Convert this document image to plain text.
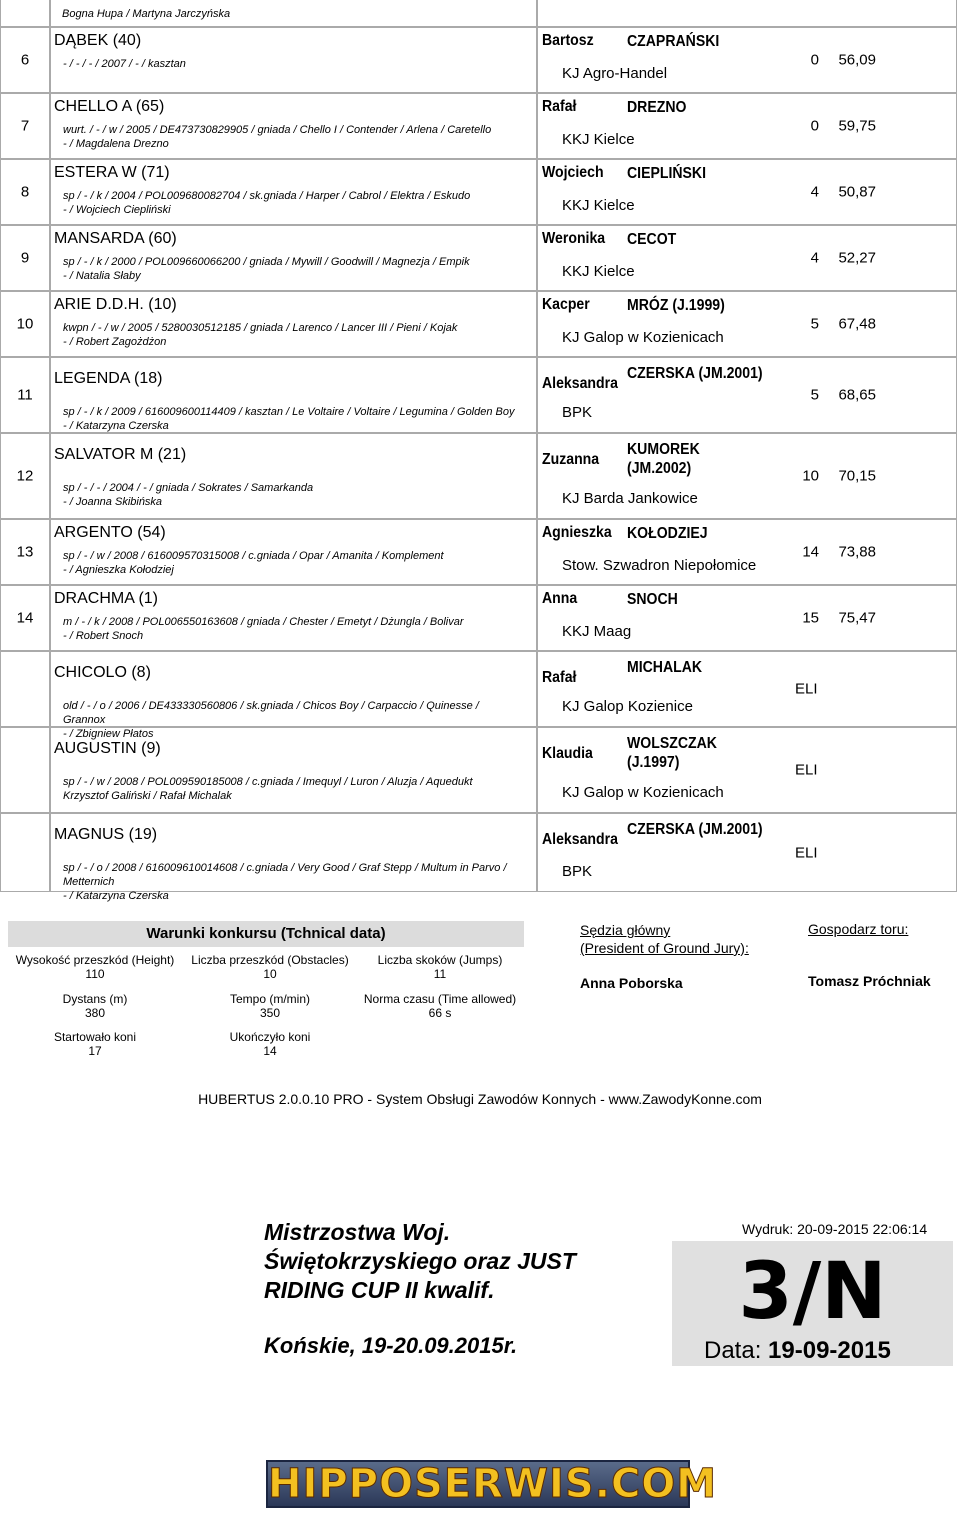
6
DĄBEK (40)
- / - / - / 2007 / - / kasztan
Bartosz CZAPRAŃSKI
KJ Agro-Handel
0 56,09
7
CHELLO A (65)
wurt. / - / w / 2005 / DE473730829905 / gniada / Chello I / Contender / Arlena / Caretello
- / Magdalena Drezno
Rafał	DREZNO
KKJ Kielce
0 59,75
8
ESTERA W (71)
sp / - / k / 2004 / POL009680082704 / sk.gniada / Harper / Cabrol / Elektra / Eskudo
- / Wojciech Ciepliński
Wojciech CIEPLIŃSKI
KKJ Kielce
4 50,87
9
MANSARDA (60)
sp / - / k / 2000 / POL009660066200 / gniada / Mywill / Goodwill / Magnezja / Empik
- / Natalia Słaby
Weronika CECOT
KKJ Kielce
4 52,27
10
ARIE D.D.H. (10)
kwpn / - / w / 2005 / 5280030512185 / gniada / Larenco / Lancer III / Pieni / Kojak
- / Robert Zagożdżon
Kacper MRÓZ (J.1999)
KJ Galop w Kozienicach
5 67,48
11
LEGENDA (18)
sp / - / k / 2009 / 616009600114409 / kasztan / Le Voltaire / Voltaire / Legumina / Golden Boy
- / Katarzyna Czerska
Aleksandra
CZERSKA (JM.2001)
BPK
5 68,65
12
SALVATOR M (21)
sp / - / - / 2004 / - / gniada / Sokrates / Samarkanda
- / Joanna Skibińska
Zuzanna
KUMOREK
(JM.2002)
KJ Barda Jankowice
10 70,15
13
ARGENTO (54)
sp / - / w / 2008 / 616009570315008 / c.gniada / Opar / Amanita / Komplement
- / Agnieszka Kołodziej
Agnieszka KOŁODZIEJ
Stow. Szwadron Niepołomice
14 73,88
14
DRACHMA (1)
m / - / k / 2008 / POL006550163608 / gniada / Chester / Emetyt / Dżungla / Bolivar
- / Robert Snoch
Anna	SNOCH
KKJ Maag
15 75,47
CHICOLO (8)
old / - / o / 2006 / DE433330560806 / sk.gniada / Chicos Boy / Carpaccio / Quinesse / Grannox
- / Zbigniew Płatos
Rafał
MICHALAK
KJ Galop Kozienice
ELI
AUGUSTIN (9)
sp / - / w / 2008 / POL009590185008 / c.gniada / Imequyl / Luron / Aluzja / Aquedukt
Krzysztof Galiński / Rafał Michalak
Klaudia
WOLSZCZAK
(J.1997)
KJ Galop w Kozienicach
ELI
MAGNUS (19)
sp / - / o / 2008 / 616009610014608 / c.gniada / Very Good / Graf Stepp / Multum in Parvo / Metternich
- / Katarzyna Czerska
Aleksandra
CZERSKA (JM.2001)
BPK
ELI
Bogna Hupa / Martyna Jarczyńska
Warunki konkursu (Tchnical data)
Wysokość przeszkód (Height)
110
Liczba przeszkód (Obstacles)
10
Liczba skoków (Jumps)
11
Dystans (m)
380
Tempo (m/min)
350
Norma czasu (Time allowed)
66 s
Startowało koni
17
Ukończyło koni
14
Sędzia główny
(President of Ground Jury):
Anna Poborska
Gospodarz toru:
Tomasz Próchniak
HUBERTUS 2.0.0.10 PRO - System Obsługi Zawodów Konnych - www.ZawodyKonne.com
Mistrzostwa Woj. Świętokrzyskiego oraz JUST RIDING CUP II kwalif.
Końskie, 19-20.09.2015r.
Wydruk: 20-09-2015 22:06:14
3/N
Data: 19-09-2015
HIPPOSERWIS.COM
